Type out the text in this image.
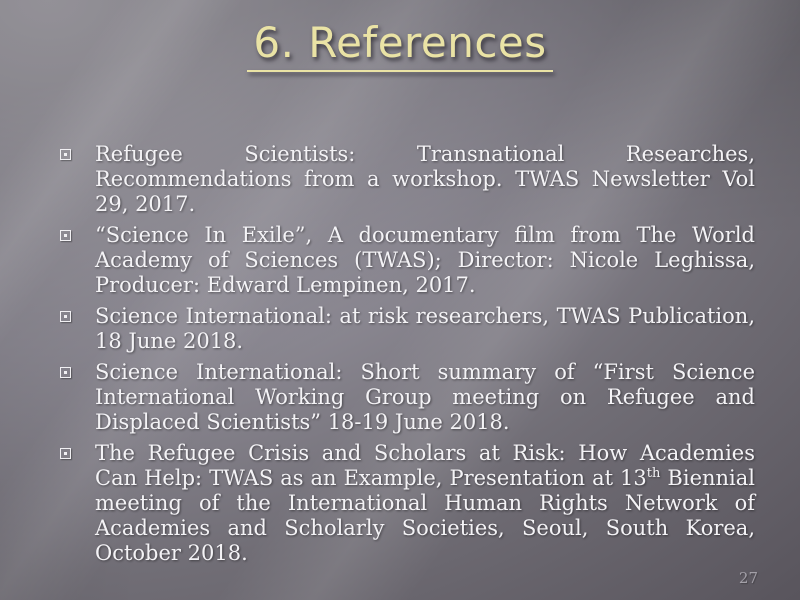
6. References

Refugee Scientists: Transnational Researches, Recommendations from a workshop. TWAS Newsletter Vol 29, 2017.

“Science In Exile”, A documentary film from The World Academy of Sciences (TWAS); Director: Nicole Leghissa, Producer: Edward Lempinen, 2017.

Science International: at risk researchers, TWAS Publication, 18 June 2018.

Science International: Short summary of “First Science International Working Group meeting on Refugee and Displaced Scientists” 18-19 June 2018.

The Refugee Crisis and Scholars at Risk: How Academies Can Help: TWAS as an Example, Presentation at 13th Biennial meeting of the International Human Rights Network of Academies and Scholarly Societies, Seoul, South Korea, October 2018.

27
